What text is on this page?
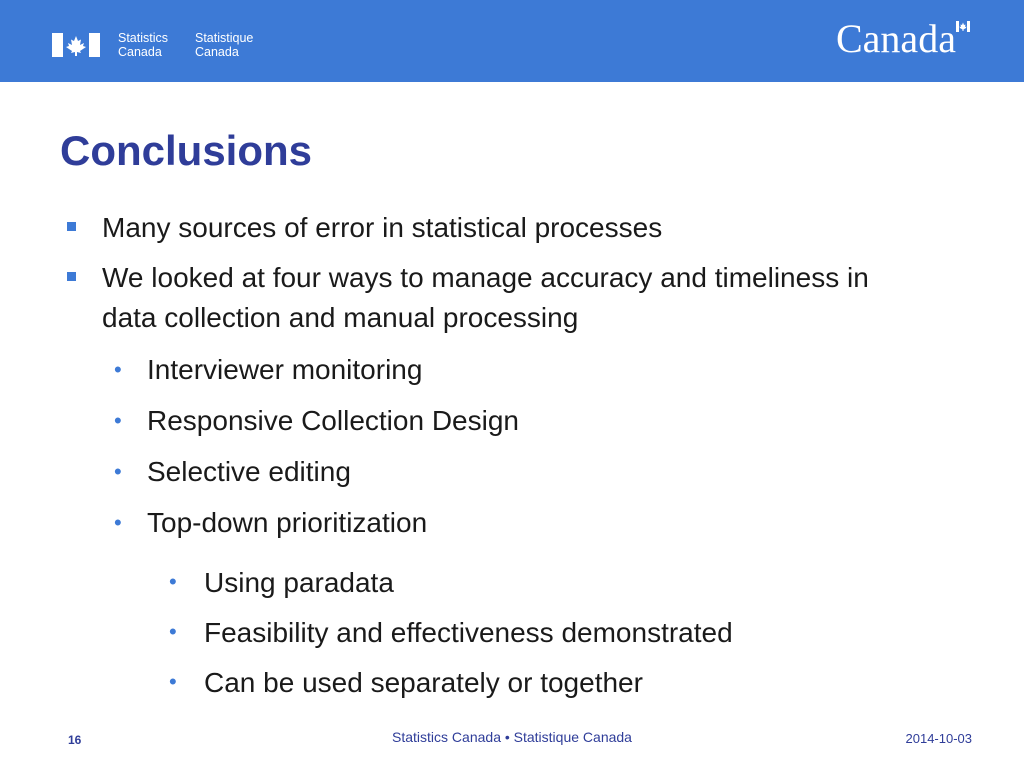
Statistics
Canada
Statistique
Canada	Canada
Conclusions
Many sources of error in statistical processes
We looked at four ways to manage accuracy and timeliness in data collection and manual processing
• Interviewer monitoring
• Responsive Collection Design
• Selective editing
• Top-down prioritization
• Using paradata
• Feasibility and effectiveness demonstrated
• Can be used separately or together
16	Statistics Canada • Statistique Canada	2014-10-03
